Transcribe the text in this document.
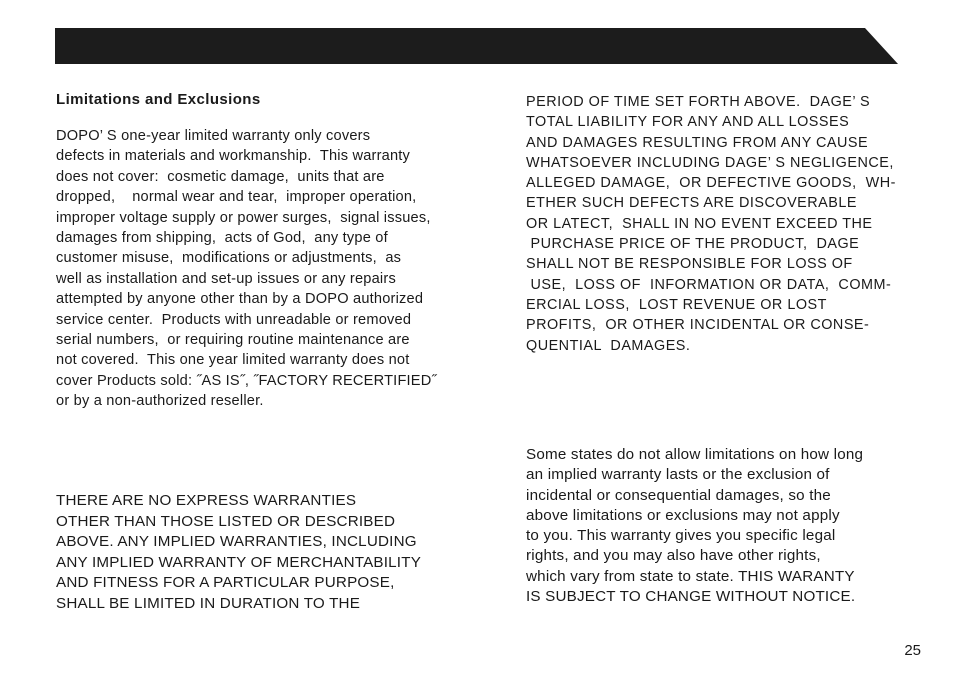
Limitations and Exclusions

DOPO’ S one-year limited warranty only covers
defects in materials and workmanship.  This warranty
does not cover:  cosmetic damage,  units that are
dropped,    normal wear and tear,  improper operation,
improper voltage supply or power surges,  signal issues,
damages from shipping,  acts of God,  any type of
customer misuse,  modifications or adjustments,  as
well as installation and set-up issues or any repairs
attempted by anyone other than by a DOPO authorized
service center.  Products with unreadable or removed
serial numbers,  or requiring routine maintenance are
not covered.  This one year limited warranty does not
cover Products sold: ˝AS IS˝, ˝FACTORY RECERTIFIED˝
or by a non-authorized reseller.

THERE ARE NO EXPRESS WARRANTIES
OTHER THAN THOSE LISTED OR DESCRIBED
ABOVE. ANY IMPLIED WARRANTIES, INCLUDING
ANY IMPLIED WARRANTY OF MERCHANTABILITY
AND FITNESS FOR A PARTICULAR PURPOSE,
SHALL BE LIMITED IN DURATION TO THE

PERIOD OF TIME SET FORTH ABOVE.  DAGE’ S
TOTAL LIABILITY FOR ANY AND ALL LOSSES
AND DAMAGES RESULTING FROM ANY CAUSE
WHATSOEVER INCLUDING DAGE’ S NEGLIGENCE,
ALLEGED DAMAGE,  OR DEFECTIVE GOODS,  WH-
ETHER SUCH DEFECTS ARE DISCOVERABLE
OR LATECT,  SHALL IN NO EVENT EXCEED THE
PURCHASE PRICE OF THE PRODUCT,  DAGE
SHALL NOT BE RESPONSIBLE FOR LOSS OF
USE,  LOSS OF  INFORMATION OR DATA,  COMM-
ERCIAL LOSS,  LOST REVENUE OR LOST
PROFITS,  OR OTHER INCIDENTAL OR CONSE-
QUENTIAL  DAMAGES.

Some states do not allow limitations on how long
an implied warranty lasts or the exclusion of
incidental or consequential damages, so the
above limitations or exclusions may not apply
to you. This warranty gives you specific legal
rights, and you may also have other rights,
which vary from state to state. THIS WARANTY
IS SUBJECT TO CHANGE WITHOUT NOTICE.

25
